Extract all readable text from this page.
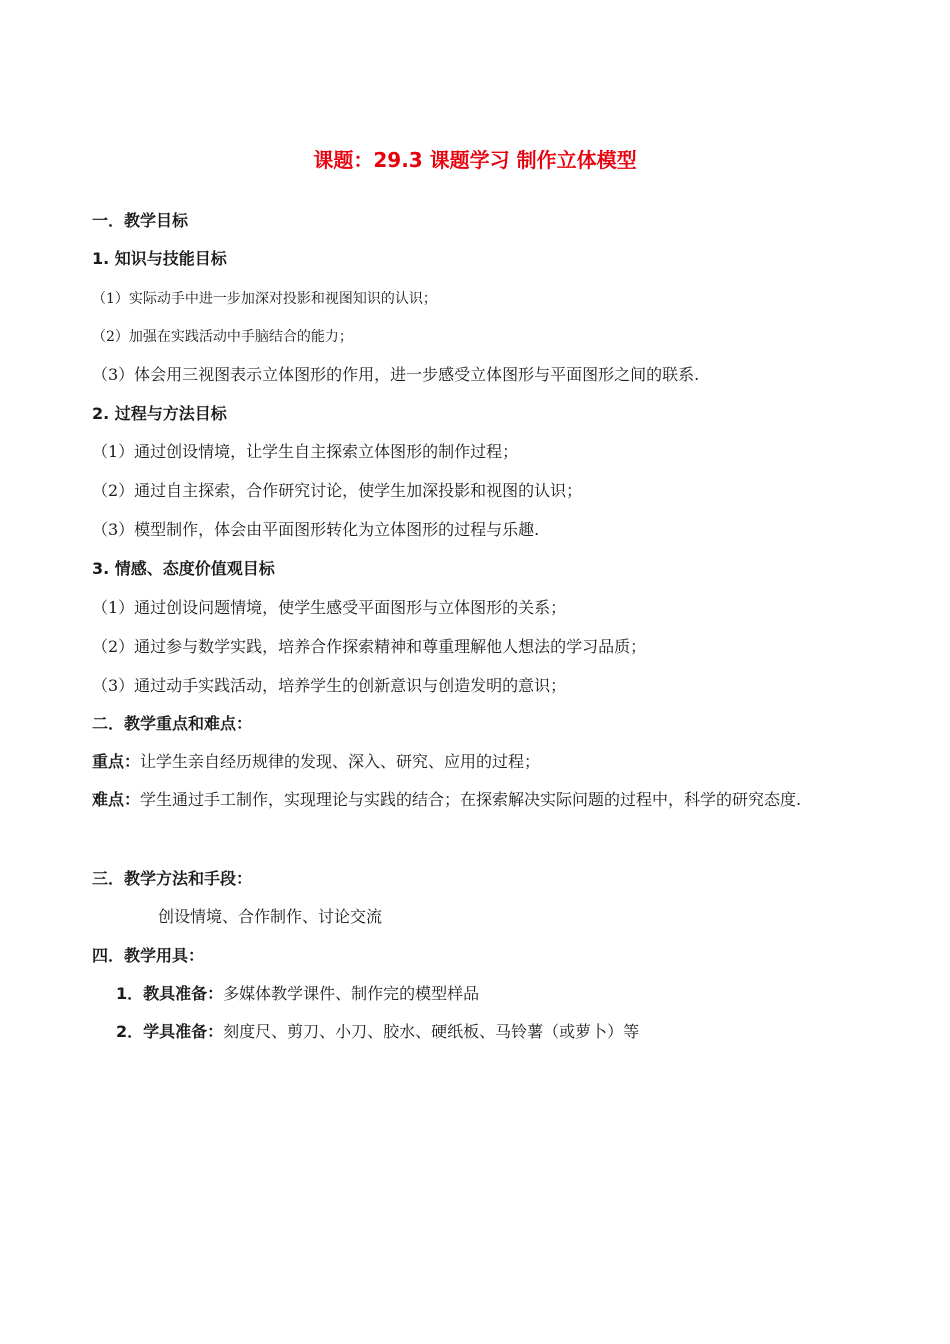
课题：29.3 课题学习 制作立体模型
一．教学目标
1. 知识与技能目标
（1）实际动手中进一步加深对投影和视图知识的认识；
（2）加强在实践活动中手脑结合的能力；
（3）体会用三视图表示立体图形的作用，进一步感受立体图形与平面图形之间的联系.
2. 过程与方法目标
（1）通过创设情境，让学生自主探索立体图形的制作过程；
（2）通过自主探索，合作研究讨论，使学生加深投影和视图的认识；
（3）模型制作，体会由平面图形转化为立体图形的过程与乐趣.
3. 情感、态度价值观目标
（1）通过创设问题情境，使学生感受平面图形与立体图形的关系；
（2）通过参与数学实践，培养合作探索精神和尊重理解他人想法的学习品质；
（3）通过动手实践活动，培养学生的创新意识与创造发明的意识；
二．教学重点和难点：
重点：让学生亲自经历规律的发现、深入、研究、应用的过程；
难点：学生通过手工制作，实现理论与实践的结合；在探索解决实际问题的过程中，科学的研究态度.
三．教学方法和手段：
创设情境、合作制作、讨论交流
四．教学用具：
1．教具准备：多媒体教学课件、制作完的模型样品
2．学具准备：刻度尺、剪刀、小刀、胶水、硬纸板、马铃薯（或萝卜）等
